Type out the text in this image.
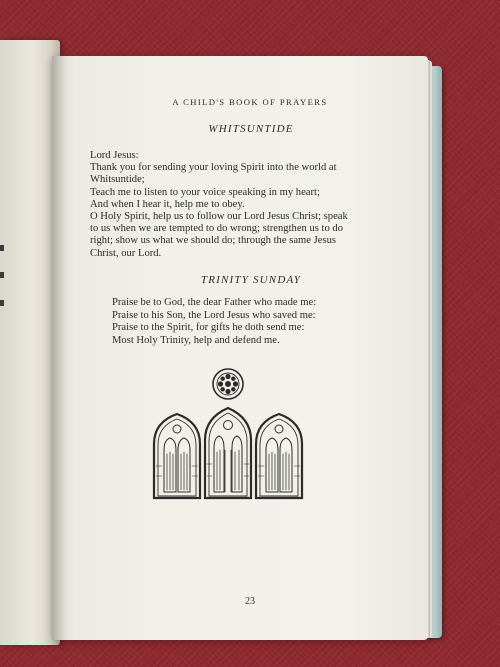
A CHILD'S BOOK OF PRAYERS
WHITSUNTIDE
Lord Jesus:
Thank you for sending your loving Spirit into the world at
Whitsuntide;
Teach me to listen to your voice speaking in my heart;
And when I hear it, help me to obey.
O Holy Spirit, help us to follow our Lord Jesus Christ; speak
to us when we are tempted to do wrong; strengthen us to do
right; show us what we should do; through the same Jesus
Christ, our Lord.
TRINITY SUNDAY
Praise be to God, the dear Father who made me:
Praise to his Son, the Lord Jesus who saved me:
Praise to the Spirit, for gifts he doth send me:
Most Holy Trinity, help and defend me.
23
